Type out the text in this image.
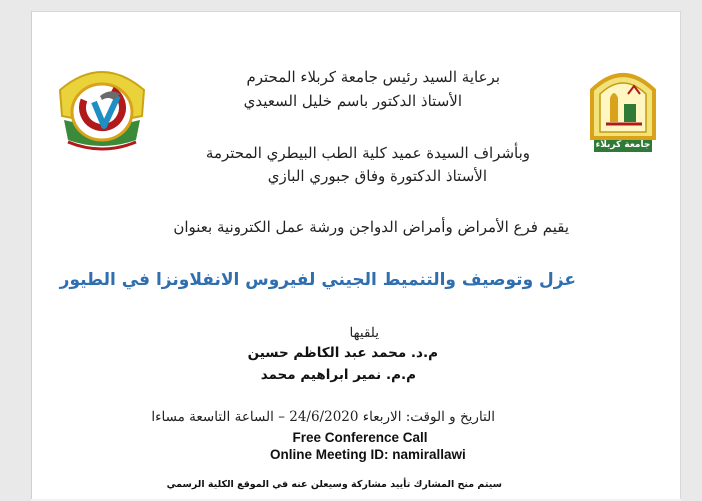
جامعة كربلاء
برعاية السيد رئيس جامعة كربلاء المحترم
الأستاذ الدكتور باسم خليل السعيدي
وبأشراف السيدة عميد كلية الطب البيطري المحترمة
الأستاذ الدكتورة وفاق جبوري البازي
يقيم فرع الأمراض وأمراض الدواجن ورشة عمل الكترونية بعنوان
عزل وتوصيف والتنميط الجيني لفيروس الانفلاونزا في الطيور
يلقيها
م.د. محمد عبد الكاظم حسين
م.م. نمير ابراهيم محمد
التاريخ و الوقت: الاربعاء 24/6/2020 – الساعة التاسعة مساءا
Free Conference Call
Online Meeting ID: namirallawi
سيتم منح المشارك تأييد مشاركة وسيعلن عنه في الموقع الكلية الرسمي
